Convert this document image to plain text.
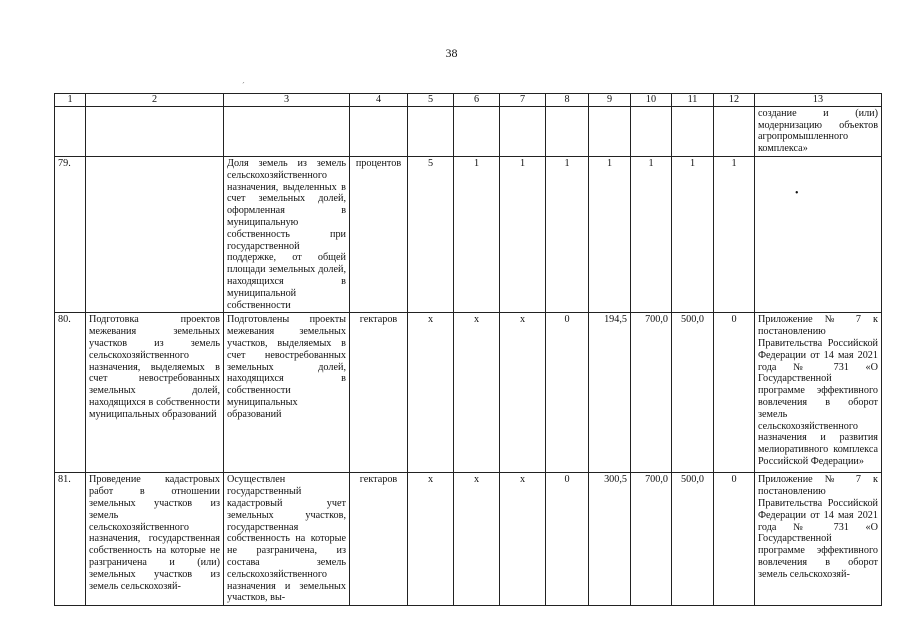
38
ˊ
•
1	2	3	4	5	6	7	8	9	10	11	12	13
												создание и (или) модернизацию объектов агропромышленного комплекса»
79.		Доля земель из земель сельскохозяйственного назначения, выделенных в счет земельных долей, оформленная в муниципальную собственность при государственной поддержке, от общей площади земельных долей, находящихся в муниципальной собственности	процентов	5	1	1	1	1	1	1	1	
80.	Подготовка проектов межевания земельных участков из земель сельскохозяйственного назначения, выделяемых в счет невостребованных земельных долей, находящихся в собственности муниципальных образований	Подготовлены проекты межевания земельных участков, выделяемых в счет невостребованных земельных долей, находящихся в собственности муниципальных образований	гектаров	х	х	х	0	194,5	700,0	500,0	0	Приложение № 7 к постановлению Правительства Российской Федерации от 14 мая 2021 года № 731 «О Государственной программе эффективного вовлечения в оборот земель сельскохозяйственного назначения и развития мелиоративного комплекса Российской Федерации»
81.	Проведение кадастровых работ в отношении земельных участков из земель сельскохозяйственного назначения, государственная собственность на которые не разграничена и (или) земельных участков из земель сельскохозяй-	Осуществлен государственный кадастровый учет земельных участков, государственная собственность на которые не разграничена, из состава земель сельскохозяйственного назначения и земельных участков, вы-	гектаров	х	х	х	0	300,5	700,0	500,0	0	Приложение № 7 к постановлению Правительства Российской Федерации от 14 мая 2021 года № 731 «О Государственной программе эффективного вовлечения в оборот земель сельскохозяй-
